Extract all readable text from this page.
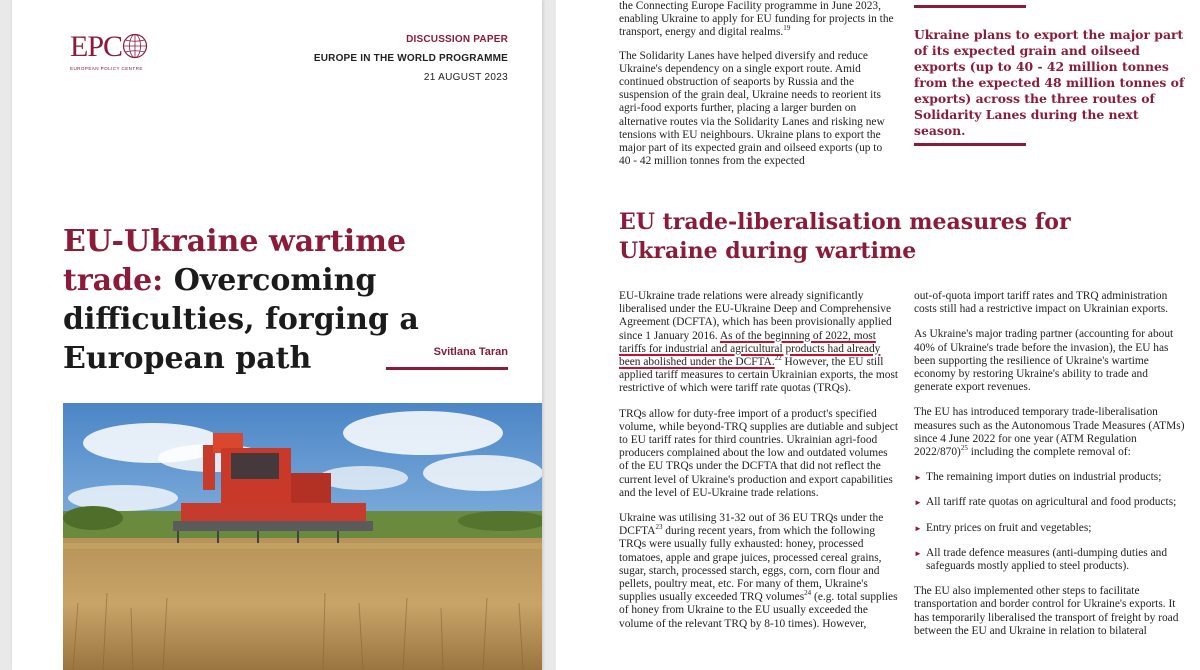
EPC
EUROPEAN POLICY CENTRE
DISCUSSION PAPER
EUROPE IN THE WORLD PROGRAMME
21 AUGUST 2023
EU-Ukraine wartime trade: Overcoming difficulties, forging a European path	Svitlana Taran

the Connecting Europe Facility programme in June 2023, enabling Ukraine to apply for EU funding for projects in the transport, energy and digital realms.$^{19}$

The Solidarity Lanes have helped diversify and reduce Ukraine's dependency on a single export route. Amid continued obstruction of seaports by Russia and the suspension of the grain deal, Ukraine needs to reorient its agri-food exports further, placing a larger burden on alternative routes via the Solidarity Lanes and risking new tensions with EU neighbours. Ukraine plans to export the major part of its expected grain and oilseed exports (up to 40 - 42 million tonnes from the expected

Ukraine plans to export the major part of its expected grain and oilseed exports (up to 40 - 42 million tonnes from the expected 48 million tonnes of exports) across the three routes of Solidarity Lanes during the next season.
EU trade-liberalisation measures for Ukraine during wartime

EU-Ukraine trade relations were already significantly liberalised under the EU-Ukraine Deep and Comprehensive Agreement (DCFTA), which has been provisionally applied since 1 January 2016. As of the beginning of 2022, most tariffs for industrial and agricultural products had already been abolished under the DCFTA.$^{22}$ However, the EU still applied tariff measures to certain Ukrainian exports, the most restrictive of which were tariff rate quotas (TRQs).

TRQs allow for duty-free import of a product's specified volume, while beyond-TRQ supplies are dutiable and subject to EU tariff rates for third countries. Ukrainian agri-food producers complained about the low and outdated volumes of the EU TRQs under the DCFTA that did not reflect the current level of Ukraine's production and export capabilities and the level of EU-Ukraine trade relations.

Ukraine was utilising 31-32 out of 36 EU TRQs under the DCFTA$^{23}$ during recent years, from which the following TRQs were usually fully exhausted: honey, processed tomatoes, apple and grape juices, processed cereal grains, sugar, starch, processed starch, eggs, corn, corn flour and pellets, poultry meat, etc. For many of them, Ukraine's supplies usually exceeded TRQ volumes$^{24}$ (e.g. total supplies of honey from Ukraine to the EU usually exceeded the volume of the relevant TRQ by 8-10 times). However,

out-of-quota import tariff rates and TRQ administration costs still had a restrictive impact on Ukrainian exports.

As Ukraine's major trading partner (accounting for about 40% of Ukraine's trade before the invasion), the EU has been supporting the resilience of Ukraine's wartime economy by restoring Ukraine's ability to trade and generate export revenues.

The EU has introduced temporary trade-liberalisation measures such as the Autonomous Trade Measures (ATMs) since 4 June 2022 for one year (ATM Regulation 2022/870)$^{25}$ including the complete removal of:

► The remaining import duties on industrial products;
► All tariff rate quotas on agricultural and food products;
► Entry prices on fruit and vegetables;
► All trade defence measures (anti-dumping duties and safeguards mostly applied to steel products).

The EU also implemented other steps to facilitate transportation and border control for Ukraine's exports. It has temporarily liberalised the transport of freight by road between the EU and Ukraine in relation to bilateral
